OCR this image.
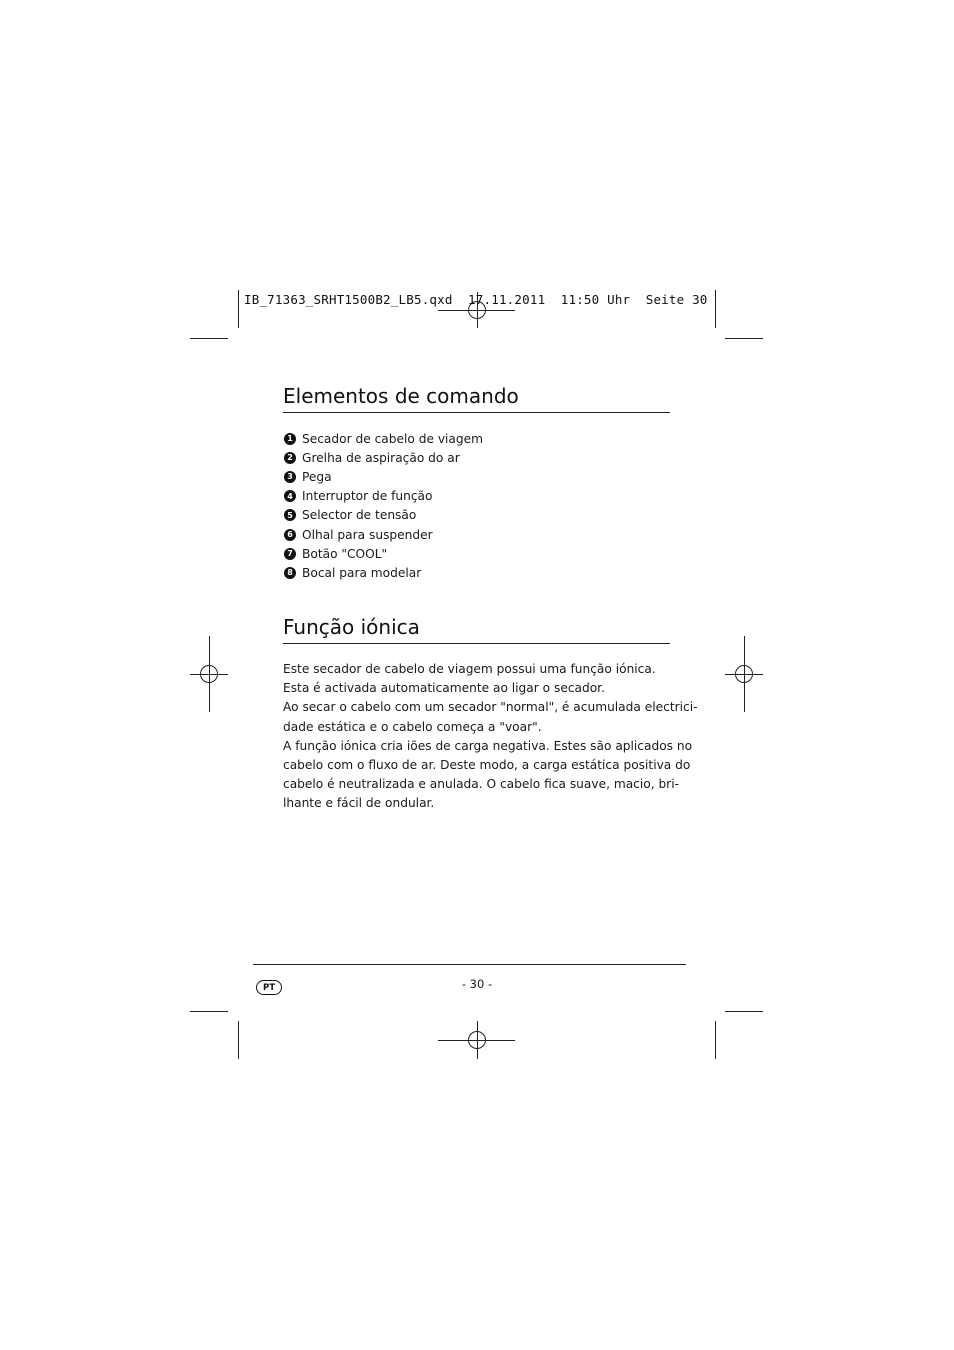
IB_71363_SRHT1500B2_LB5.qxd  17.11.2011  11:50 Uhr  Seite 30
Elementos de comando
1 Secador de cabelo de viagem
2 Grelha de aspiração do ar
3 Pega
4 Interruptor de função
5 Selector de tensão
6 Olhal para suspender
7 Botão "COOL"
8 Bocal para modelar
Função iónica
Este secador de cabelo de viagem possui uma função iónica.
Esta é activada automaticamente ao ligar o secador.
Ao secar o cabelo com um secador "normal", é acumulada electrici-
dade estática e o cabelo começa a "voar".
A função iónica cria iões de carga negativa. Estes são aplicados no
cabelo com o fluxo de ar. Deste modo, a carga estática positiva do
cabelo é neutralizada e anulada. O cabelo fica suave, macio, bri-
lhante e fácil de ondular.
PT	- 30 -
